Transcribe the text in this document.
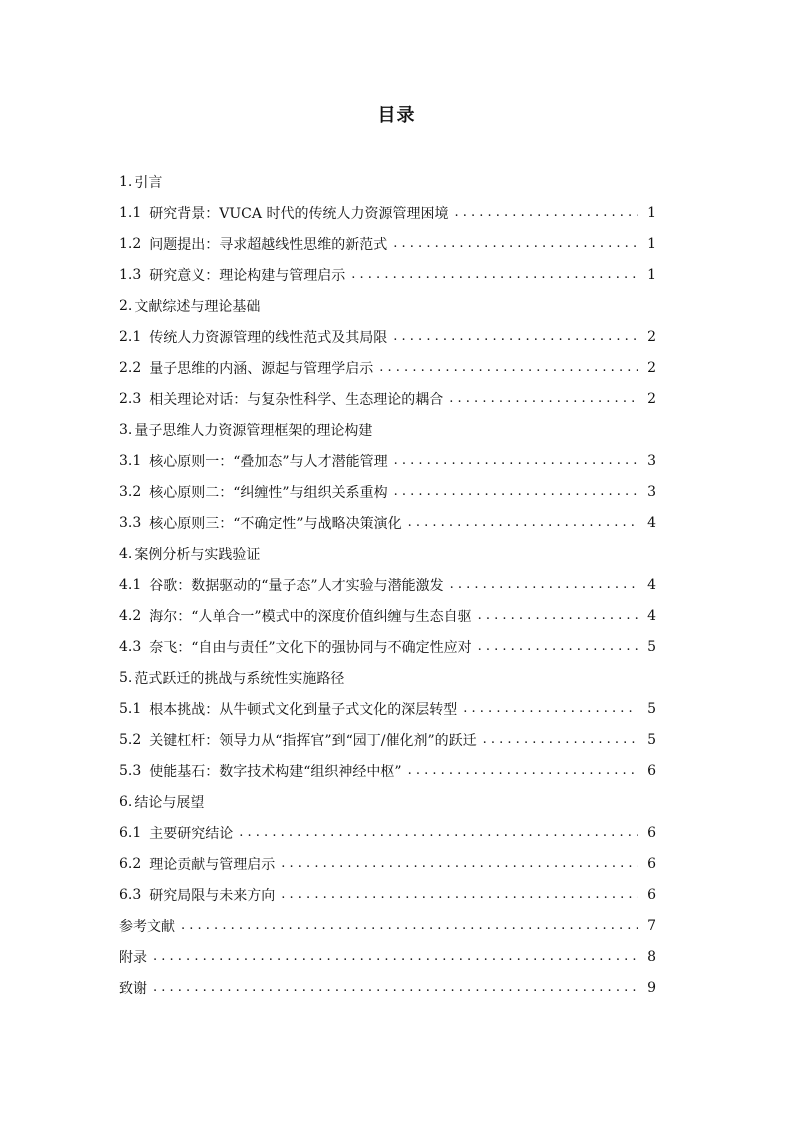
目录
1. 引言
1.1 研究背景：VUCA 时代的传统人力资源管理困境 . . .	1
1.2 问题提出：寻求超越线性思维的新范式 . . .	1
1.3 研究意义：理论构建与管理启示 . . .	1
2. 文献综述与理论基础
2.1 传统人力资源管理的线性范式及其局限 . . .	2
2.2 量子思维的内涵、源起与管理学启示 . . .	2
2.3 相关理论对话：与复杂性科学、生态理论的耦合 . . .	2
3. 量子思维人力资源管理框架的理论构建
3.1 核心原则一：“叠加态”与人才潜能管理 . . .	3
3.2 核心原则二：“纠缠性”与组织关系重构 . . .	3
3.3 核心原则三：“不确定性”与战略决策演化 . . .	4
4. 案例分析与实践验证
4.1 谷歌：数据驱动的“量子态”人才实验与潜能激发 . . .	4
4.2 海尔：“人单合一”模式中的深度价值纠缠与生态自驱 . . .	4
4.3 奈飞：“自由与责任”文化下的强协同与不确定性应对 . . .	5
5. 范式跃迁的挑战与系统性实施路径
5.1 根本挑战：从牛顿式文化到量子式文化的深层转型 . . .	5
5.2 关键杠杆：领导力从“指挥官”到“园丁/催化剂”的跃迁 . . .	5
5.3 使能基石：数字技术构建“组织神经中枢” . . .	6
6. 结论与展望
6.1 主要研究结论 . . .	6
6.2 理论贡献与管理启示 . . .	6
6.3 研究局限与未来方向 . . .	6
参考文献 . . .	7
附录 . . .	8
致谢 . . .	9
